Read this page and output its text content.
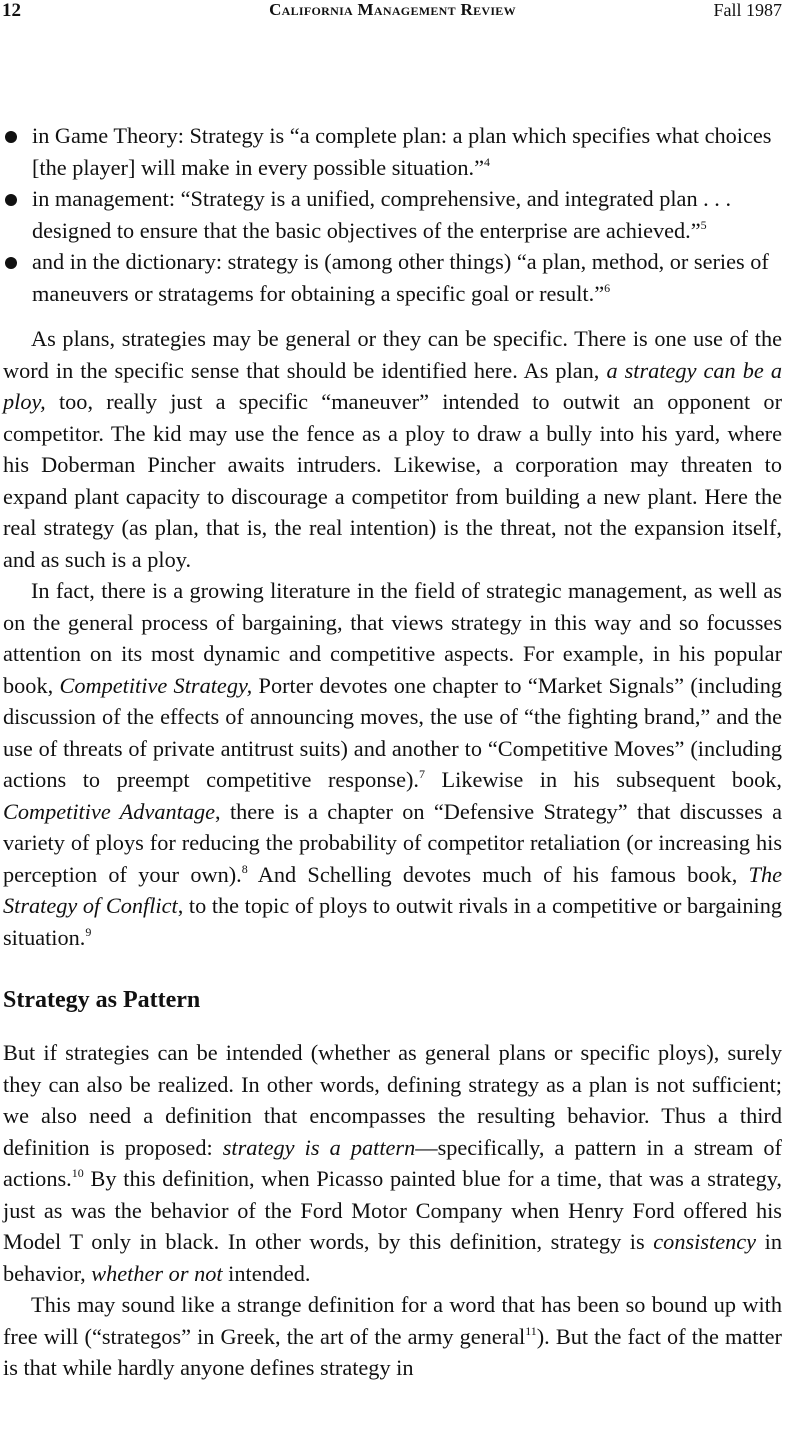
12	California Management Review	Fall 1987
in Game Theory: Strategy is “a complete plan: a plan which specifies what choices [the player] will make in every possible situation.”$^4$
in management: “Strategy is a unified, comprehensive, and integrated plan . . . designed to ensure that the basic objectives of the enterprise are achieved.”$^5$
and in the dictionary: strategy is (among other things) “a plan, method, or series of maneuvers or stratagems for obtaining a specific goal or result.”$^6$

As plans, strategies may be general or they can be specific. There is one use of the word in the specific sense that should be identified here. As plan, a strategy can be a ploy, too, really just a specific “maneuver” intended to outwit an opponent or competitor. The kid may use the fence as a ploy to draw a bully into his yard, where his Doberman Pincher awaits intruders. Likewise, a corporation may threaten to expand plant capacity to discourage a competitor from building a new plant. Here the real strategy (as plan, that is, the real intention) is the threat, not the expansion itself, and as such is a ploy.

In fact, there is a growing literature in the field of strategic management, as well as on the general process of bargaining, that views strategy in this way and so focusses attention on its most dynamic and competitive aspects. For example, in his popular book, Competitive Strategy, Porter devotes one chapter to “Market Signals” (including discussion of the effects of announcing moves, the use of “the fighting brand,” and the use of threats of private antitrust suits) and another to “Competitive Moves” (including actions to preempt competitive response).$^7$ Likewise in his subsequent book, Competitive Advantage, there is a chapter on “Defensive Strategy” that discusses a variety of ploys for reducing the probability of competitor retaliation (or increasing his perception of your own).$^8$ And Schelling devotes much of his famous book, The Strategy of Conflict, to the topic of ploys to outwit rivals in a competitive or bargaining situation.$^9$

Strategy as Pattern

But if strategies can be intended (whether as general plans or specific ploys), surely they can also be realized. In other words, defining strategy as a plan is not sufficient; we also need a definition that encompasses the resulting behavior. Thus a third definition is proposed: strategy is a pattern—specifically, a pattern in a stream of actions.$^{10}$ By this definition, when Picasso painted blue for a time, that was a strategy, just as was the behavior of the Ford Motor Company when Henry Ford offered his Model T only in black. In other words, by this definition, strategy is consistency in behavior, whether or not intended.

This may sound like a strange definition for a word that has been so bound up with free will (“strategos” in Greek, the art of the army general$^{11}$). But the fact of the matter is that while hardly anyone defines strategy in
